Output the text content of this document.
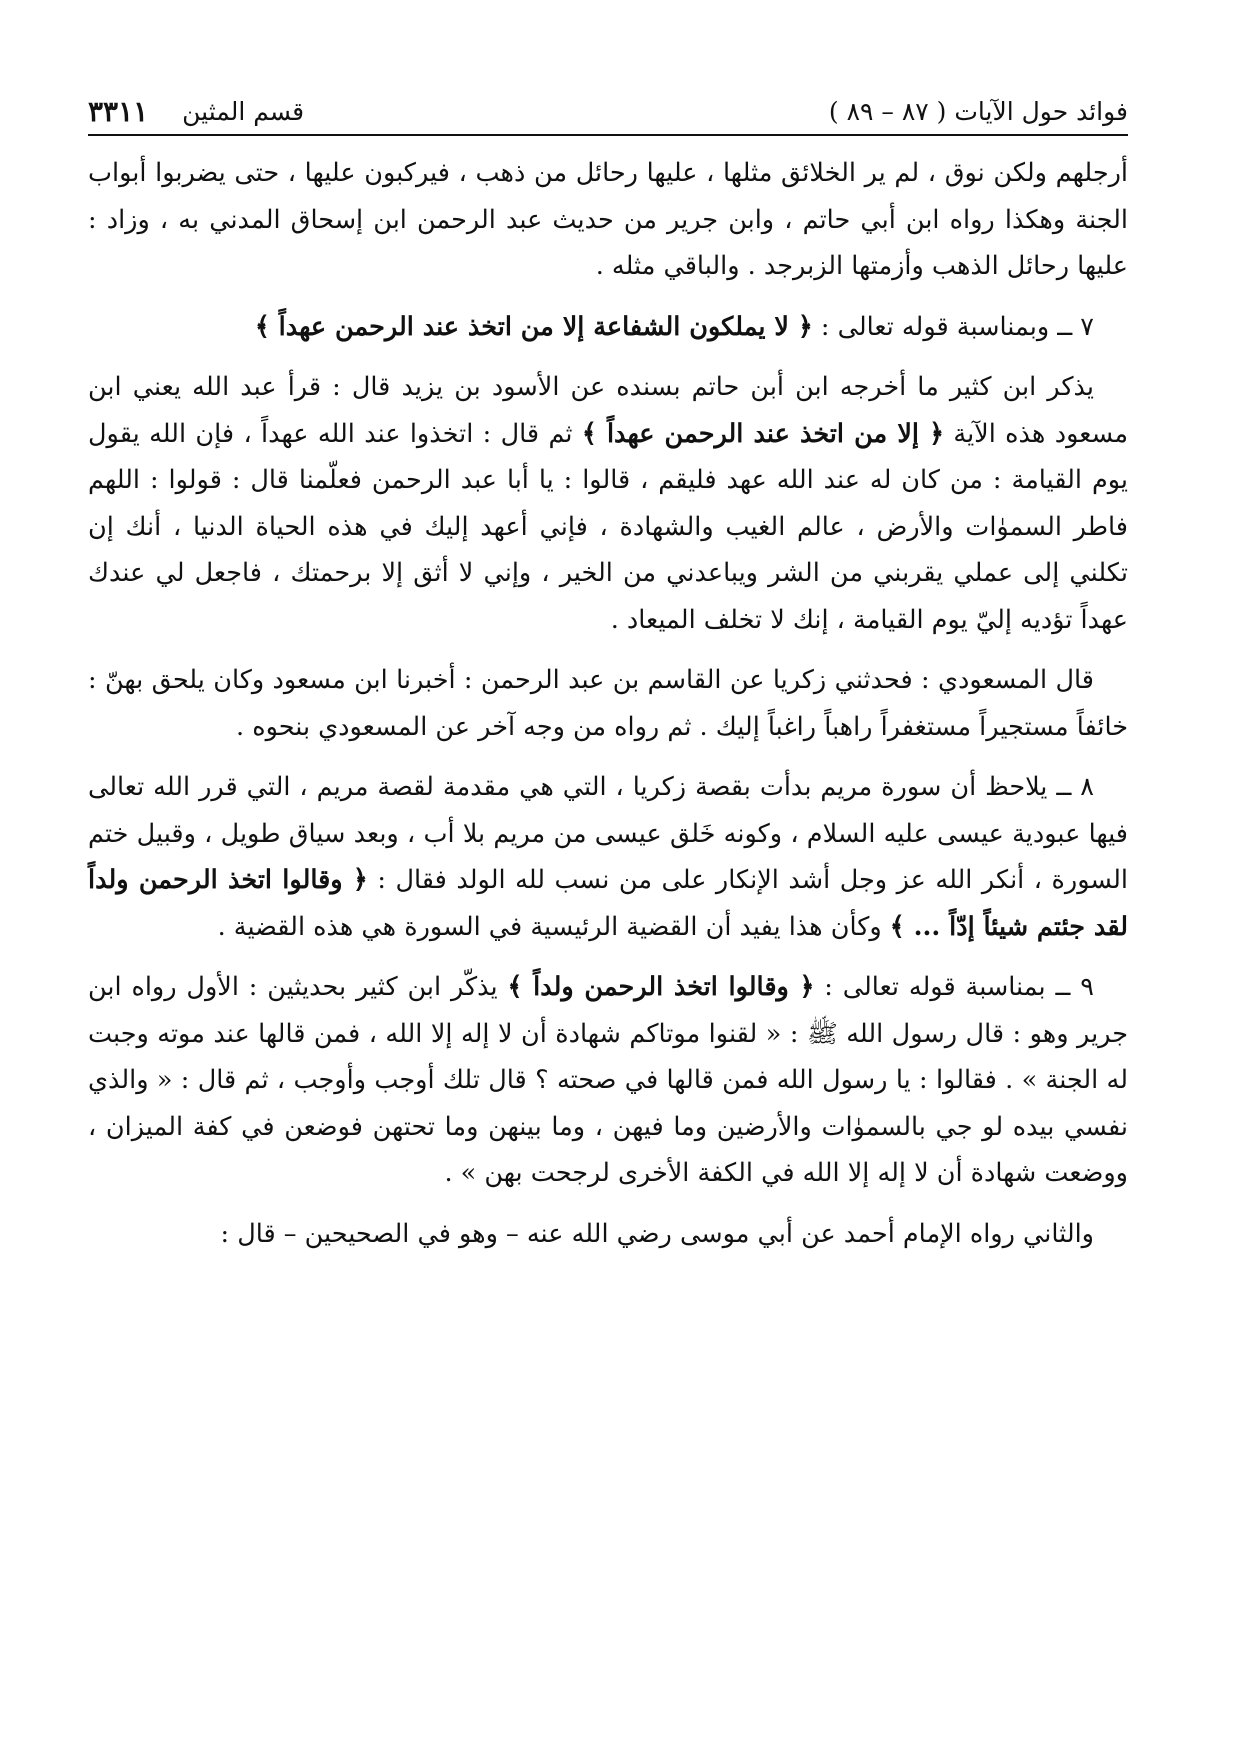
فوائد حول الآيات ( ٨٧ – ٨٩ )
قسم المثين
٣٣١١

أرجلهم ولكن نوق ، لم ير الخلائق مثلها ، عليها رحائل من ذهب ، فيركبون عليها ، حتى يضربوا أبواب الجنة وهكذا رواه ابن أبي حاتم ، وابن جرير من حديث عبد الرحمن ابن إسحاق المدني به ، وزاد : عليها رحائل الذهب وأزمتها الزبرجد . والباقي مثله .

٧ ــ وبمناسبة قوله تعالى : ﴿ لا يملكون الشفاعة إلا من اتخذ عند الرحمن عهداً ﴾

يذكر ابن كثير ما أخرجه ابن أبن حاتم بسنده عن الأسود بن يزيد قال : قرأ عبد الله يعني ابن مسعود هذه الآية ﴿ إلا من اتخذ عند الرحمن عهداً ﴾ ثم قال : اتخذوا عند الله عهداً ، فإن الله يقول يوم القيامة : من كان له عند الله عهد فليقم ، قالوا : يا أبا عبد الرحمن فعلّمنا قال : قولوا : اللهم فاطر السموٰات والأرض ، عالم الغيب والشهادة ، فإني أعهد إليك في هذه الحياة الدنيا ، أنك إن تكلني إلى عملي يقربني من الشر ويباعدني من الخير ، وإني لا أثق إلا برحمتك ، فاجعل لي عندك عهداً تؤديه إليّ يوم القيامة ، إنك لا تخلف الميعاد .

قال المسعودي : فحدثني زكريا عن القاسم بن عبد الرحمن : أخبرنا ابن مسعود وكان يلحق بهنّ : خائفاً مستجيراً مستغفراً راهباً راغباً إليك . ثم رواه من وجه آخر عن المسعودي بنحوه .

٨ ــ يلاحظ أن سورة مريم بدأت بقصة زكريا ، التي هي مقدمة لقصة مريم ، التي قرر الله تعالى فيها عبودية عيسى عليه السلام ، وكونه خَلق عيسى من مريم بلا أب ، وبعد سياق طويل ، وقبيل ختم السورة ، أنكر الله عز وجل أشد الإنكار على من نسب لله الولد فقال : ﴿ وقالوا اتخذ الرحمن ولداً لقد جئتم شيئاً إدّاً ... ﴾ وكأن هذا يفيد أن القضية الرئيسية في السورة هي هذه القضية .

٩ ــ بمناسبة قوله تعالى : ﴿ وقالوا اتخذ الرحمن ولداً ﴾ يذكّر ابن كثير بحديثين : الأول رواه ابن جرير وهو : قال رسول الله ﷺ : « لقنوا موتاكم شهادة أن لا إله إلا الله ، فمن قالها عند موته وجبت له الجنة » . فقالوا : يا رسول الله فمن قالها في صحته ؟ قال تلك أوجب وأوجب ، ثم قال : « والذي نفسي بيده لو جي بالسموٰات والأرضين وما فيهن ، وما بينهن وما تحتهن فوضعن في كفة الميزان ، ووضعت شهادة أن لا إله إلا الله في الكفة الأخرى لرجحت بهن » .

والثاني رواه الإمام أحمد عن أبي موسى رضي الله عنه – وهو في الصحيحين – قال :
